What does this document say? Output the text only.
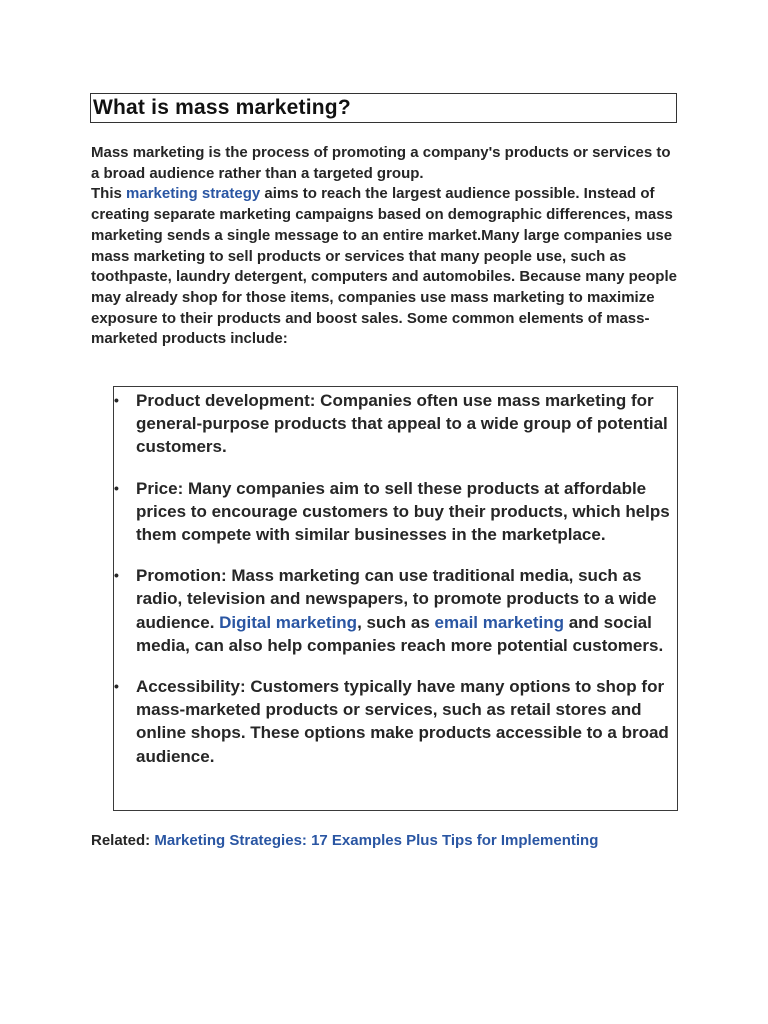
What is mass marketing?

Mass marketing is the process of promoting a company's products or services to a broad audience rather than a targeted group.

This marketing strategy aims to reach the largest audience possible. Instead of creating separate marketing campaigns based on demographic differences, mass marketing sends a single message to an entire market.Many large companies use mass marketing to sell products or services that many people use, such as toothpaste, laundry detergent, computers and automobiles. Because many people may already shop for those items, companies use mass marketing to maximize exposure to their products and boost sales. Some common elements of mass-marketed products include:

• Product development: Companies often use mass marketing for general-purpose products that appeal to a wide group of potential customers.
• Price: Many companies aim to sell these products at affordable prices to encourage customers to buy their products, which helps them compete with similar businesses in the marketplace.
• Promotion: Mass marketing can use traditional media, such as radio, television and newspapers, to promote products to a wide audience. Digital marketing, such as email marketing and social media, can also help companies reach more potential customers.
• Accessibility: Customers typically have many options to shop for mass-marketed products or services, such as retail stores and online shops. These options make products accessible to a broad audience.
Related: Marketing Strategies: 17 Examples Plus Tips for Implementing
